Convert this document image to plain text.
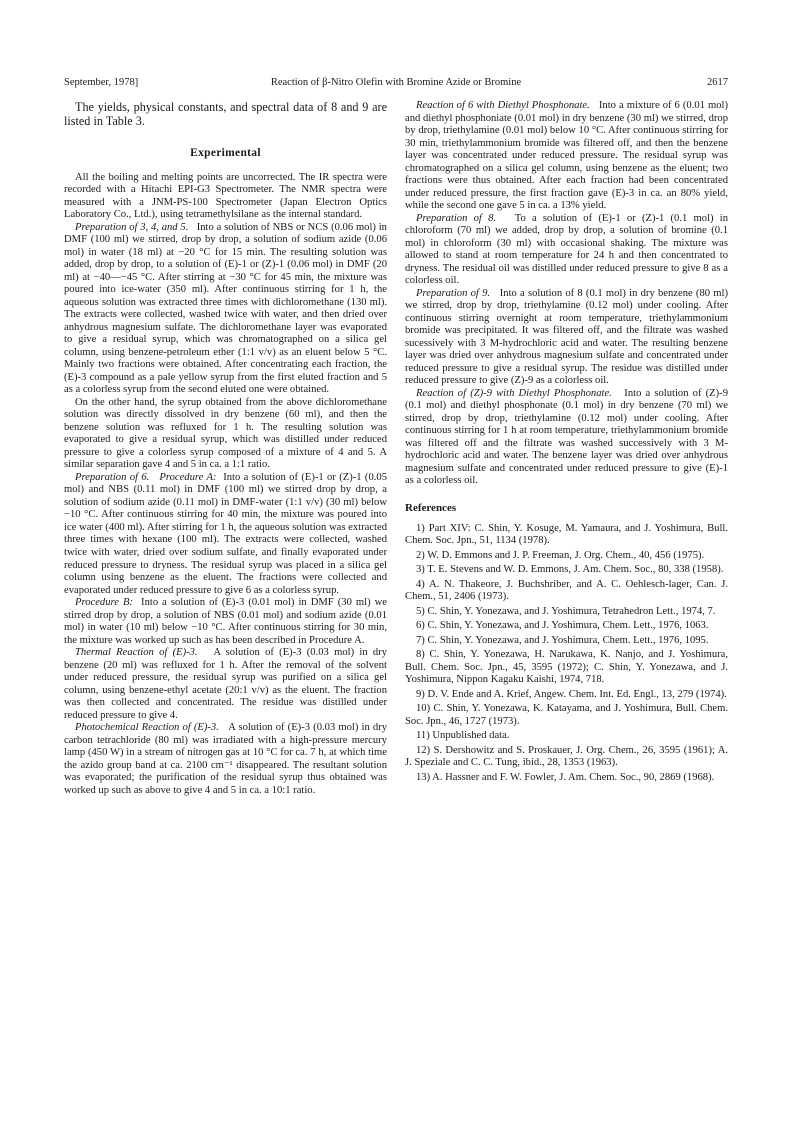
September, 1978]	Reaction of β-Nitro Olefin with Bromine Azide or Bromine	2617

The yields, physical constants, and spectral data of 8 and 9 are listed in Table 3.

Experimental

All the boiling and melting points are uncorrected. The IR spectra were recorded with a Hitachi EPI-G3 Spectrometer. The NMR spectra were measured with a JNM-PS-100 Spectrometer (Japan Electron Optics Laboratory Co., Ltd.), using tetramethylsilane as the internal standard.

Preparation of 3, 4, and 5. Into a solution of NBS or NCS (0.06 mol) in DMF (100 ml) we stirred, drop by drop, a solution of sodium azide (0.06 mol) in water (18 ml) at −20 °C for 15 min. The resulting solution was added, drop by drop, to a solution of (E)-1 or (Z)-1 (0.06 mol) in DMF (20 ml) at −40—−45 °C. After stirring at −30 °C for 45 min, the mixture was poured into ice-water (350 ml). After continuous stirring for 1 h, the aqueous solution was extracted three times with dichloromethane (130 ml). The extracts were collected, washed twice with water, and then dried over anhydrous magnesium sulfate. The dichloromethane layer was evaporated to give a residual syrup, which was chromatographed on a silica gel column, using benzene-petroleum ether (1:1 v/v) as an eluent below 5 °C. Mainly two fractions were obtained. After concentrating each fraction, the (E)-3 compound as a pale yellow syrup from the first eluted fraction and 5 as a colorless syrup from the second eluted one were obtained.

On the other hand, the syrup obtained from the above dichloromethane solution was directly dissolved in dry benzene (60 ml), and then the benzene solution was refluxed for 1 h. The resulting solution was evaporated to give a residual syrup, which was distilled under reduced pressure to give a colorless syrup composed of a mixture of 4 and 5. A similar separation gave 4 and 5 in ca. a 1:1 ratio.

Preparation of 6. Procedure A: Into a solution of (E)-1 or (Z)-1 (0.05 mol) and NBS (0.11 mol) in DMF (100 ml) we stirred drop by drop, a solution of sodium azide (0.11 mol) in DMF-water (1:1 v/v) (30 ml) below −10 °C. After continuous stirring for 40 min, the mixture was poured into ice water (400 ml). After stirring for 1 h, the aqueous solution was extracted three times with hexane (100 ml). The extracts were collected, washed twice with water, dried over sodium sulfate, and finally evaporated under reduced pressure to dryness. The residual syrup was placed in a silica gel column using benzene as the eluent. The fractions were collected and evaporated under reduced pressure to give 6 as a colorless syrup.

Procedure B: Into a solution of (E)-3 (0.01 mol) in DMF (30 ml) we stirred drop by drop, a solution of NBS (0.01 mol) and sodium azide (0.01 mol) in water (10 ml) below −10 °C. After continuous stirring for 30 min, the mixture was worked up such as has been described in Procedure A.

Thermal Reaction of (E)-3. A solution of (E)-3 (0.03 mol) in dry benzene (20 ml) was refluxed for 1 h. After the removal of the solvent under reduced pressure, the residual syrup was purified on a silica gel column, using benzene-ethyl acetate (20:1 v/v) as the eluent. The fraction was then collected and concentrated. The residue was distilled under reduced pressure to give 4.

Photochemical Reaction of (E)-3. A solution of (E)-3 (0.03 mol) in dry carbon tetrachloride (80 ml) was irradiated with a high-pressure mercury lamp (450 W) in a stream of nitrogen gas at 10 °C for ca. 7 h, at which time the azido group band at ca. 2100 cm⁻¹ disappeared. The resultant solution was evaporated; the purification of the residual syrup thus obtained was worked up such as above to give 4 and 5 in ca. a 10:1 ratio.

Reaction of 6 with Diethyl Phosphonate. Into a mixture of 6 (0.01 mol) and diethyl phosphoniate (0.01 mol) in dry benzene (30 ml) we stirred, drop by drop, triethylamine (0.01 mol) below 10 °C. After continuous stirring for 30 min, triethylammonium bromide was filtered off, and then the benzene layer was concentrated under reduced pressure. The residual syrup was chromatographed on a silica gel column, using benzene as the eluent; two fractions were thus obtained. After each fraction had been concentrated under reduced pressure, the first fraction gave (E)-3 in ca. an 80% yield, while the second one gave 5 in ca. a 13% yield.

Preparation of 8. To a solution of (E)-1 or (Z)-1 (0.1 mol) in chloroform (70 ml) we added, drop by drop, a solution of bromine (0.1 mol) in chloroform (30 ml) with occasional shaking. The mixture was allowed to stand at room temperature for 24 h and then concentrated to dryness. The residual oil was distilled under reduced pressure to give 8 as a colorless oil.

Preparation of 9. Into a solution of 8 (0.1 mol) in dry benzene (80 ml) we stirred, drop by drop, triethylamine (0.12 mol) under cooling. After continuous stirring overnight at room temperature, triethylammonium bromide was precipitated. It was filtered off, and the filtrate was washed sucessively with 3 M-hydrochloric acid and water. The resulting benzene layer was dried over anhydrous magnesium sulfate and concentrated under reduced pressure to give a residual syrup. The residue was distilled under reduced pressure to give (Z)-9 as a colorless oil.

Reaction of (Z)-9 with Diethyl Phosphonate. Into a solution of (Z)-9 (0.1 mol) and diethyl phosphonate (0.1 mol) in dry benzene (70 ml) we stirred, drop by drop, triethylamine (0.12 mol) under cooling. After continuous stirring for 1 h at room temperature, triethylammonium bromide was filtered off and the filtrate was washed successively with 3 M-hydrochloric acid and water. The benzene layer was dried over anhydrous magnesium sulfate and concentrated under reduced pressure to give (E)-1 as a colorless oil.

References

1) Part XIV: C. Shin, Y. Kosuge, M. Yamaura, and J. Yoshimura, Bull. Chem. Soc. Jpn., 51, 1134 (1978).

2) W. D. Emmons and J. P. Freeman, J. Org. Chem., 40, 456 (1975).

3) T. E. Stevens and W. D. Emmons, J. Am. Chem. Soc., 80, 338 (1958).

4) A. N. Thakeore, J. Buchshriber, and A. C. Oehlesch-lager, Can. J. Chem., 51, 2406 (1973).

5) C. Shin, Y. Yonezawa, and J. Yoshimura, Tetrahedron Lett., 1974, 7.

6) C. Shin, Y. Yonezawa, and J. Yoshimura, Chem. Lett., 1976, 1063.

7) C. Shin, Y. Yonezawa, and J. Yoshimura, Chem. Lett., 1976, 1095.

8) C. Shin, Y. Yonezawa, H. Narukawa, K. Nanjo, and J. Yoshimura, Bull. Chem. Soc. Jpn., 45, 3595 (1972); C. Shin, Y. Yonezawa, and J. Yoshimura, Nippon Kagaku Kaishi, 1974, 718.

9) D. V. Ende and A. Krief, Angew. Chem. Int. Ed. Engl., 13, 279 (1974).

10) C. Shin, Y. Yonezawa, K. Katayama, and J. Yoshimura, Bull. Chem. Soc. Jpn., 46, 1727 (1973).

11) Unpublished data.

12) S. Dershowitz and S. Proskauer, J. Org. Chem., 26, 3595 (1961); A. J. Speziale and C. C. Tung, ibid., 28, 1353 (1963).

13) A. Hassner and F. W. Fowler, J. Am. Chem. Soc., 90, 2869 (1968).
